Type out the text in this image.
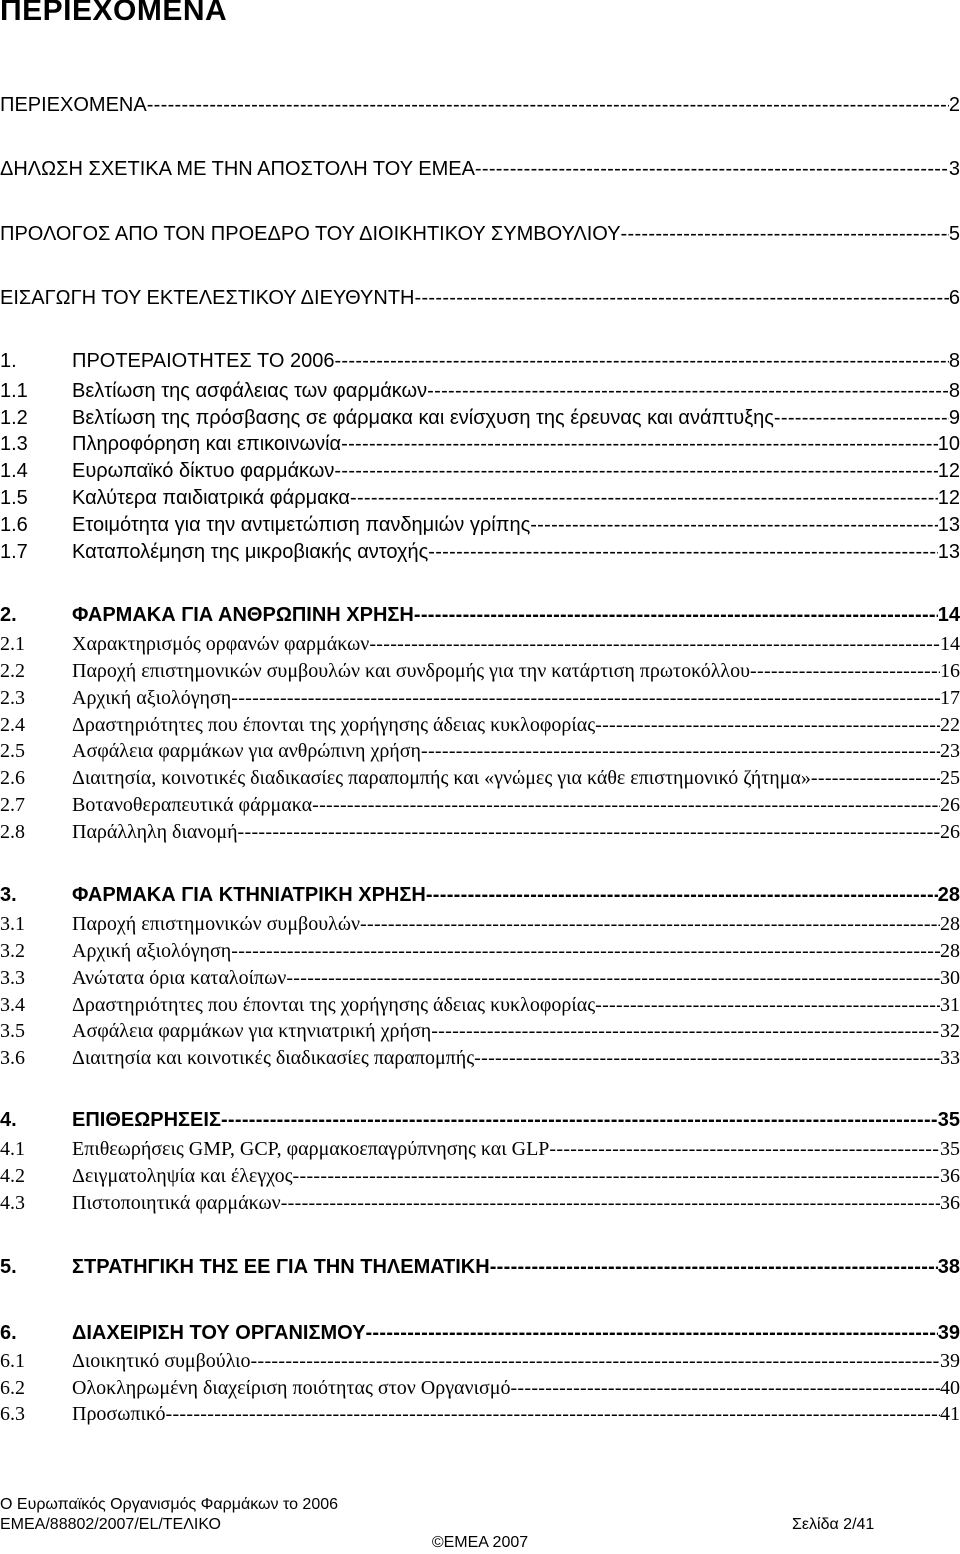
ΠΕΡΙΕΧΟΜΕΝΑ
ΠΕΡΙΕΧΟΜΕΝΑ -----	2
ΔΗΛΩΣΗ ΣΧΕΤΙΚΑ ΜΕ ΤΗΝ ΑΠΟΣΤΟΛΗ ΤΟΥ ΕΜΕΑ -----	3
ΠΡΟΛΟΓΟΣ ΑΠΟ ΤΟΝ ΠΡΟΕΔΡΟ ΤΟΥ ΔΙΟΙΚΗΤΙΚΟΥ ΣΥΜΒΟΥΛΙΟΥ -----	5
ΕΙΣΑΓΩΓΗ ΤΟΥ ΕΚΤΕΛΕΣΤΙΚΟΥ ΔΙΕΥΘΥΝΤΗ -----	6
1.	ΠΡΟΤΕΡΑΙΟΤΗΤΕΣ ΤΟ 2006 -----	8
1.1	Βελτίωση της ασφάλειας των φαρμάκων -----	8
1.2	Βελτίωση της πρόσβασης σε φάρμακα και ενίσχυση της έρευνας και ανάπτυξης -----	9
1.3	Πληροφόρηση και επικοινωνία -----	10
1.4	Ευρωπαϊκό δίκτυο φαρμάκων -----	12
1.5	Καλύτερα παιδιατρικά φάρμακα -----	12
1.6	Ετοιμότητα για την αντιμετώπιση πανδημιών γρίπης -----	13
1.7	Καταπολέμηση της μικροβιακής αντοχής -----	13
2.	ΦΑΡΜΑΚΑ ΓΙΑ ΑΝΘΡΩΠΙΝΗ ΧΡΗΣΗ -----	14
2.1	Χαρακτηρισμός ορφανών φαρμάκων -----	14
2.2	Παροχή επιστημονικών συμβουλών και συνδρομής για την κατάρτιση πρωτοκόλλου -----	16
2.3	Αρχική αξιολόγηση -----	17
2.4	Δραστηριότητες που έπονται της χορήγησης άδειας κυκλοφορίας -----	22
2.5	Ασφάλεια φαρμάκων για ανθρώπινη χρήση -----	23
2.6	Διαιτησία, κοινοτικές διαδικασίες παραπομπής και «γνώμες για κάθε επιστημονικό ζήτημα» -----	25
2.7	Βοτανοθεραπευτικά φάρμακα -----	26
2.8	Παράλληλη διανομή -----	26
3.	ΦΑΡΜΑΚΑ ΓΙΑ ΚΤΗΝΙΑΤΡΙΚΗ ΧΡΗΣΗ -----	28
3.1	Παροχή επιστημονικών συμβουλών -----	28
3.2	Αρχική αξιολόγηση -----	28
3.3	Ανώτατα όρια καταλοίπων -----	30
3.4	Δραστηριότητες που έπονται της χορήγησης άδειας κυκλοφορίας -----	31
3.5	Ασφάλεια φαρμάκων για κτηνιατρική χρήση -----	32
3.6	Διαιτησία και κοινοτικές διαδικασίες παραπομπής -----	33
4.	ΕΠΙΘΕΩΡΗΣΕΙΣ -----	35
4.1	Επιθεωρήσεις GMP, GCP, φαρμακοεπαγρύπνησης και GLP -----	35
4.2	Δειγματοληψία και έλεγχος -----	36
4.3	Πιστοποιητικά φαρμάκων -----	36
5.	ΣΤΡΑΤΗΓΙΚΗ ΤΗΣ ΕΕ ΓΙΑ ΤΗΝ ΤΗΛΕΜΑΤΙΚΗ -----	38
6.	ΔΙΑΧΕΙΡΙΣΗ ΤΟΥ ΟΡΓΑΝΙΣΜΟΥ -----	39
6.1	Διοικητικό συμβούλιο -----	39
6.2	Ολοκληρωμένη διαχείριση ποιότητας στον Οργανισμό -----	40
6.3	Προσωπικό -----	41
Ο Ευρωπαϊκός Οργανισμός Φαρμάκων το 2006
ΕΜΕΑ/88802/2007/EL/ΤΕΛΙΚΟ	Σελίδα 2/41
©ΕΜΕΑ 2007
